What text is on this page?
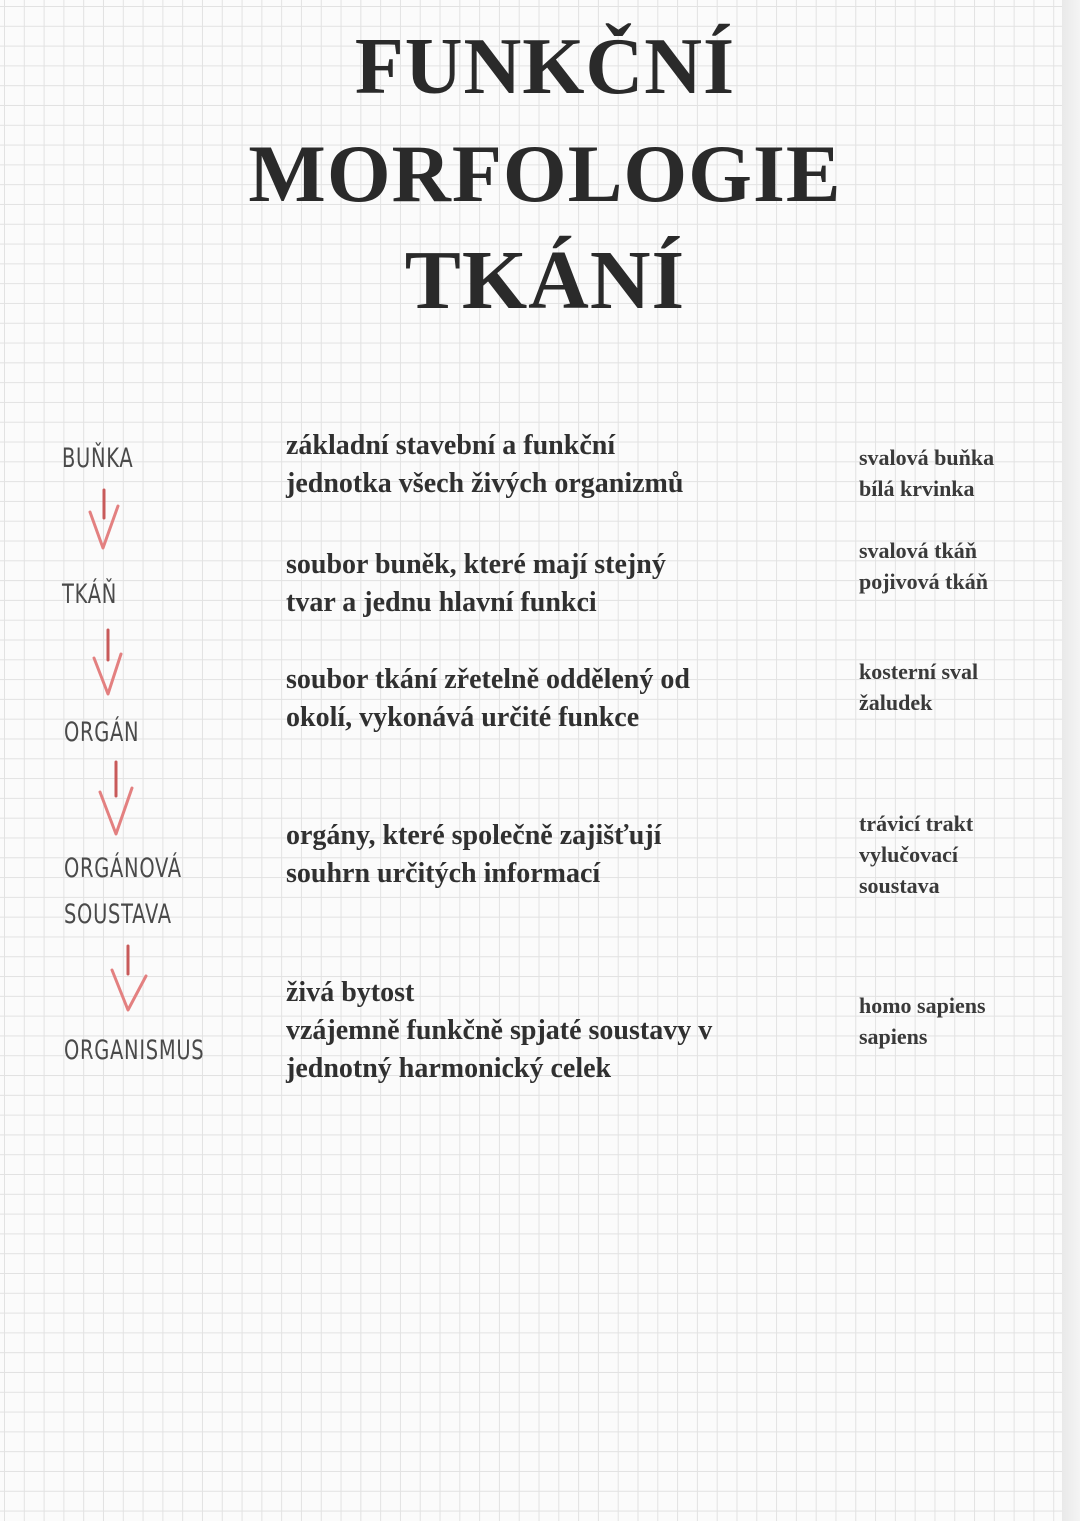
FUNKČNÍ
MORFOLOGIE
TKÁNÍ
BUŇKA
TKÁŇ
ORGÁN
ORGÁNOVÁ
SOUSTAVA
ORGANISMUS
základní stavební a funkční
jednotka všech živých organizmů
soubor buněk, které mají stejný
tvar a jednu hlavní funkci
soubor tkání zřetelně oddělený od
okolí, vykonává určité funkce
orgány, které společně zajišťují
souhrn určitých informací
živá bytost
vzájemně funkčně spjaté soustavy v
jednotný harmonický celek
svalová buňka
bílá krvinka
svalová tkáň
pojivová tkáň
kosterní sval
žaludek
trávicí trakt
vylučovací
soustava
homo sapiens
sapiens
